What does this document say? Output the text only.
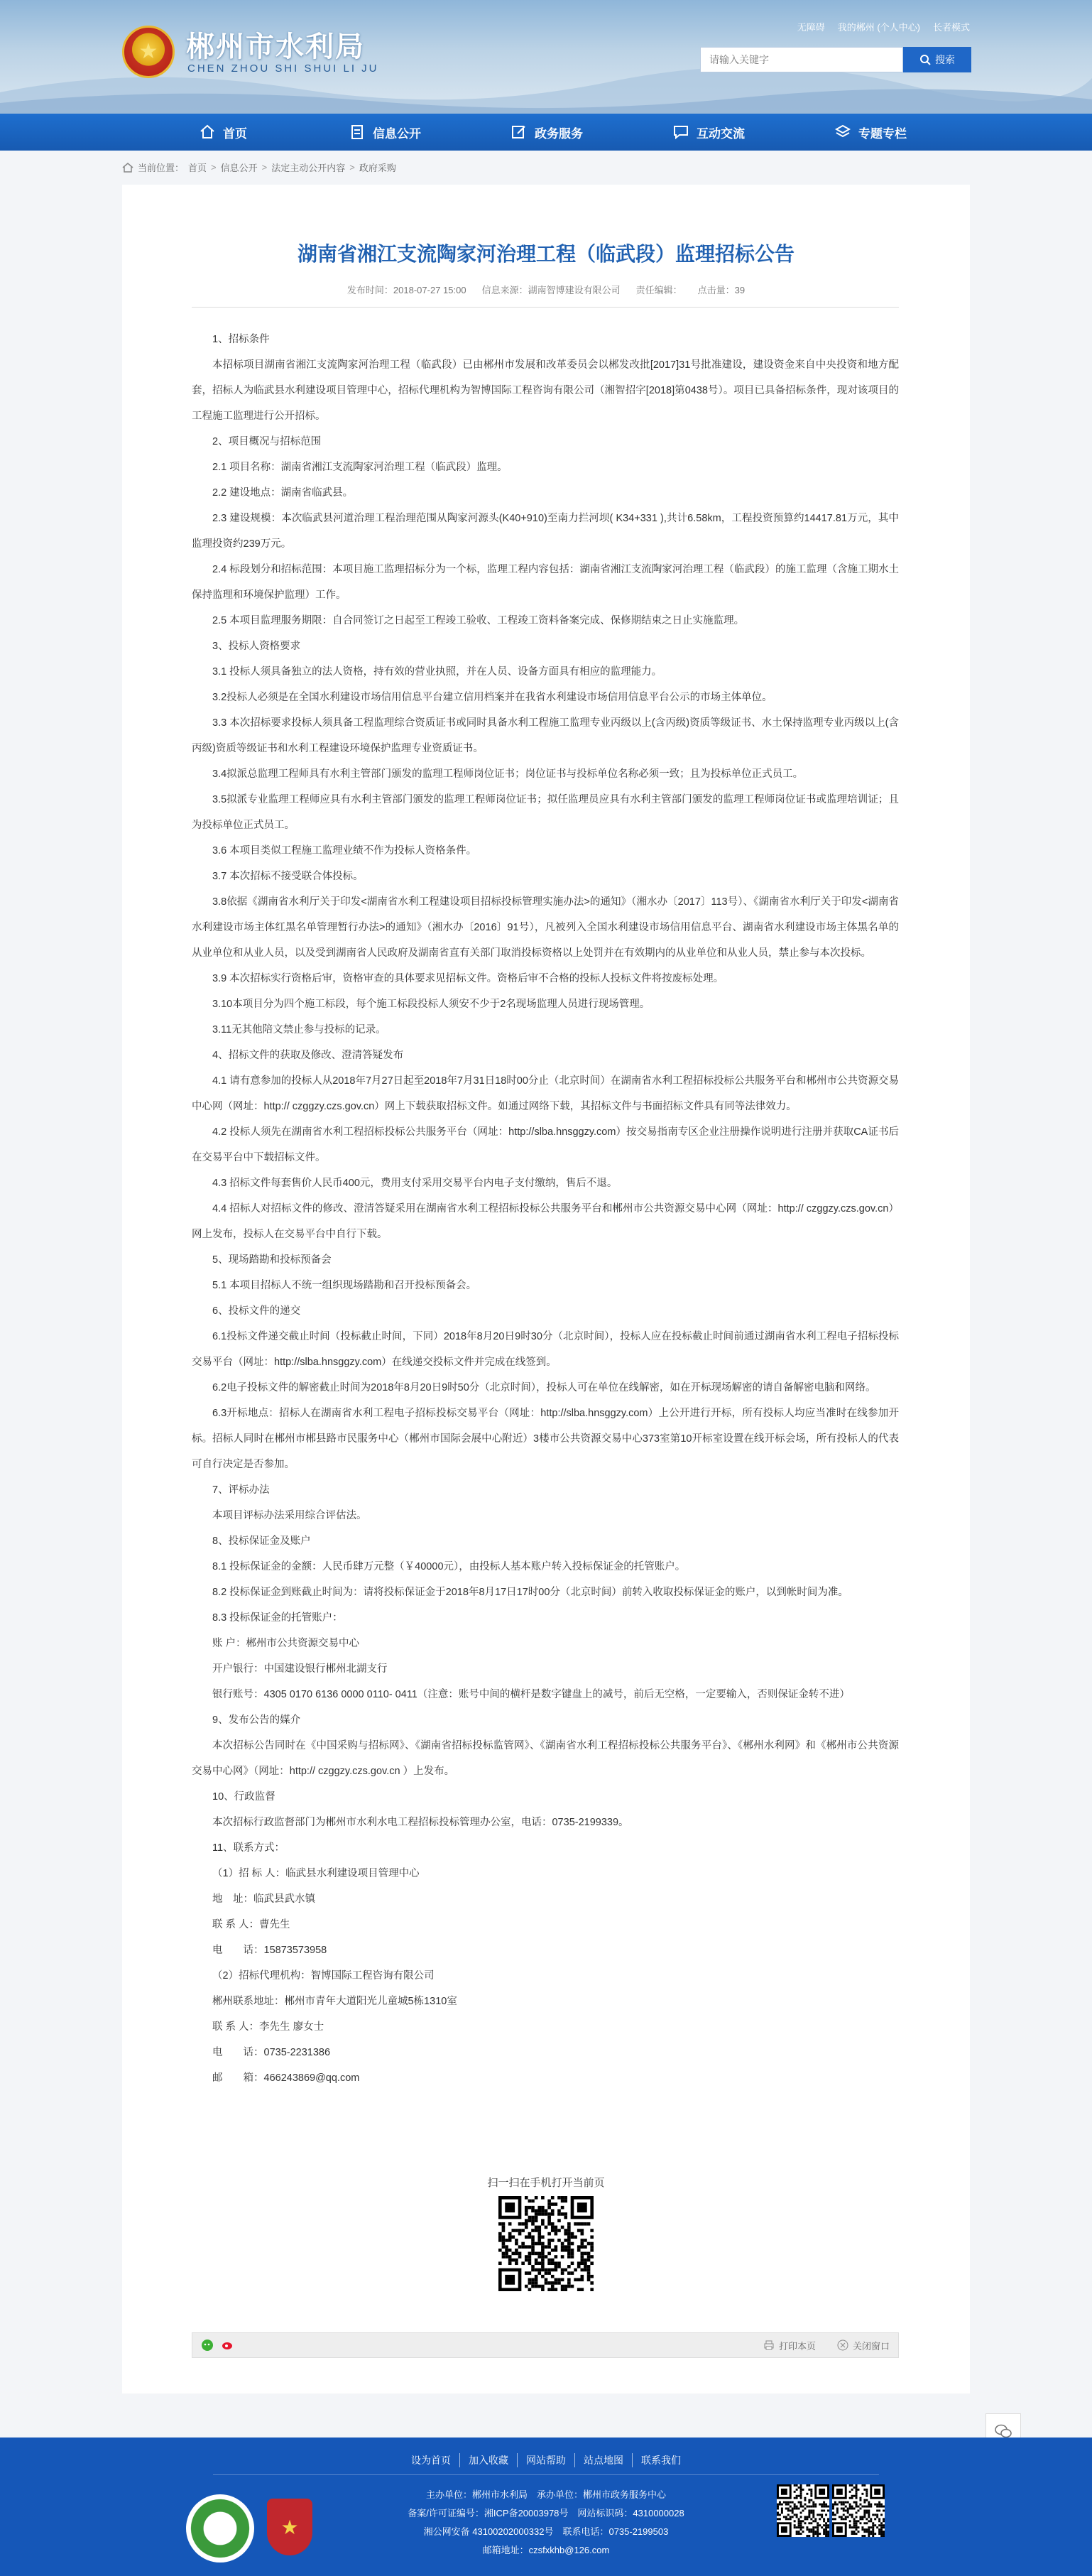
★
郴州市水利局
CHEN ZHOU SHI SHUI LI JU
无障碍 我的郴州 (个人中心) 长者模式
请输入关键字
搜索
首页	信息公开	政务服务	互动交流	专题专栏
当前位置： 首页 > 信息公开 > 法定主动公开内容 > 政府采购
湖南省湘江支流陶家河治理工程（临武段）监理招标公告
发布时间：2018-07-27 15:00 信息来源：湖南智博建设有限公司 责任编辑： 点击量：39

1、招标条件

本招标项目湖南省湘江支流陶家河治理工程（临武段）已由郴州市发展和改革委员会以郴发改批[2017]31号批准建设，建设资金来自中央投资和地方配套，招标人为临武县水利建设项目管理中心，招标代理机构为智博国际工程咨询有限公司（湘智招字[2018]第0438号）。项目已具备招标条件，现对该项目的工程施工监理进行公开招标。

2、项目概况与招标范围

2.1 项目名称：湖南省湘江支流陶家河治理工程（临武段）监理。

2.2 建设地点：湖南省临武县。

2.3 建设规模：本次临武县河道治理工程治理范围从陶家河源头(K40+910)至南力拦河坝( K34+331 ),共计6.58km，工程投资预算约14417.81万元，其中监理投资约239万元。

2.4 标段划分和招标范围：本项目施工监理招标分为一个标，监理工程内容包括：湖南省湘江支流陶家河治理工程（临武段）的施工监理（含施工期水土保持监理和环境保护监理）工作。

2.5 本项目监理服务期限：自合同签订之日起至工程竣工验收、工程竣工资料备案完成、保修期结束之日止实施监理。

3、投标人资格要求

3.1 投标人须具备独立的法人资格，持有效的营业执照，并在人员、设备方面具有相应的监理能力。

3.2投标人必须是在全国水利建设市场信用信息平台建立信用档案并在我省水利建设市场信用信息平台公示的市场主体单位。

3.3 本次招标要求投标人须具备工程监理综合资质证书或同时具备水利工程施工监理专业丙级以上(含丙级)资质等级证书、水土保持监理专业丙级以上(含丙级)资质等级证书和水利工程建设环境保护监理专业资质证书。

3.4拟派总监理工程师具有水利主管部门颁发的监理工程师岗位证书；岗位证书与投标单位名称必须一致；且为投标单位正式员工。

3.5拟派专业监理工程师应具有水利主管部门颁发的监理工程师岗位证书；拟任监理员应具有水利主管部门颁发的监理工程师岗位证书或监理培训证；且为投标单位正式员工。

3.6 本项目类似工程施工监理业绩不作为投标人资格条件。

3.7 本次招标不接受联合体投标。

3.8依据《湖南省水利厅关于印发<湖南省水利工程建设项目招标投标管理实施办法>的通知》（湘水办〔2017〕113号）、《湖南省水利厅关于印发<湖南省水利建设市场主体红黑名单管理暂行办法>的通知》（湘水办〔2016〕91号），凡被列入全国水利建设市场信用信息平台、湖南省水利建设市场主体黑名单的从业单位和从业人员，以及受到湖南省人民政府及湖南省直有关部门取消投标资格以上处罚并在有效期内的从业单位和从业人员，禁止参与本次投标。

3.9 本次招标实行资格后审，资格审查的具体要求见招标文件。资格后审不合格的投标人投标文件将按废标处理。

3.10本项目分为四个施工标段，每个施工标段投标人须安不少于2名现场监理人员进行现场管理。

3.11无其他陪文禁止参与投标的记录。

4、招标文件的获取及修改、澄清答疑发布

4.1 请有意参加的投标人从2018年7月27日起至2018年7月31日18时00分止（北京时间）在湖南省水利工程招标投标公共服务平台和郴州市公共资源交易中心网（网址：http:// czggzy.czs.gov.cn）网上下载获取招标文件。如通过网络下载，其招标文件与书面招标文件具有同等法律效力。

4.2 投标人须先在湖南省水利工程招标投标公共服务平台（网址：http://slba.hnsggzy.com）按交易指南专区企业注册操作说明进行注册并获取CA证书后在交易平台中下载招标文件。

4.3 招标文件每套售价人民币400元，费用支付采用交易平台内电子支付缴纳，售后不退。

4.4 招标人对招标文件的修改、澄清答疑采用在湖南省水利工程招标投标公共服务平台和郴州市公共资源交易中心网（网址：http:// czggzy.czs.gov.cn）网上发布，投标人在交易平台中自行下载。

5、现场踏勘和投标预备会

5.1 本项目招标人不统一组织现场踏勘和召开投标预备会。

6、投标文件的递交

6.1投标文件递交截止时间（投标截止时间，下同）2018年8月20日9时30分（北京时间），投标人应在投标截止时间前通过湖南省水利工程电子招标投标交易平台（网址：http://slba.hnsggzy.com）在线递交投标文件并完成在线签到。

6.2电子投标文件的解密截止时间为2018年8月20日9时50分（北京时间），投标人可在单位在线解密，如在开标现场解密的请自备解密电脑和网络。

6.3开标地点：招标人在湖南省水利工程电子招标投标交易平台（网址：http://slba.hnsggzy.com）上公开进行开标，所有投标人均应当准时在线参加开标。招标人同时在郴州市郴县路市民服务中心（郴州市国际会展中心附近）3楼市公共资源交易中心373室第10开标室设置在线开标会场，所有投标人的代表可自行决定是否参加。

7、评标办法

本项目评标办法采用综合评估法。

8、投标保证金及账户

8.1 投标保证金的金额：人民币肆万元整（￥40000元），由投标人基本账户转入投标保证金的托管账户。

8.2 投标保证金到账截止时间为：请将投标保证金于2018年8月17日17时00分（北京时间）前转入收取投标保证金的账户，以到帐时间为准。

8.3 投标保证金的托管账户：

账 户：郴州市公共资源交易中心

开户银行：中国建设银行郴州北湖支行

银行账号：4305 0170 6136 0000 0110- 0411（注意：账号中间的横杆是数字键盘上的减号，前后无空格，一定要输入，否则保证金转不进）

9、发布公告的媒介

本次招标公告同时在《中国采购与招标网》、《湖南省招标投标监管网》、《湖南省水利工程招标投标公共服务平台》、《郴州水利网》和《郴州市公共资源交易中心网》（网址：http:// czggzy.czs.gov.cn ）上发布。

10、行政监督

本次招标行政监督部门为郴州市水利水电工程招标投标管理办公室，电话：0735-2199339。

11、联系方式：

（1）招 标 人：临武县水利建设项目管理中心

地　址：临武县武水镇

联 系 人：曹先生

电　　话：15873573958

（2）招标代理机构：智博国际工程咨询有限公司

郴州联系地址：郴州市青年大道阳光儿童城5栋1310室

联 系 人：李先生 廖女士

电　　话：0735-2231386

邮　　箱：466243869@qq.com

扫一扫在手机打开当前页
打印本页	关闭窗口
设为首页	加入收藏	网站帮助	站点地图	联系我们
★
主办单位：郴州市水利局　承办单位：郴州市政务服务中心
备案/许可证编号：湘ICP备20003978号　网站标识码：4310000028
湘公网安备 43100202000332号　联系电话：0735-2199503
邮箱地址：czsfxkhb@126.com
